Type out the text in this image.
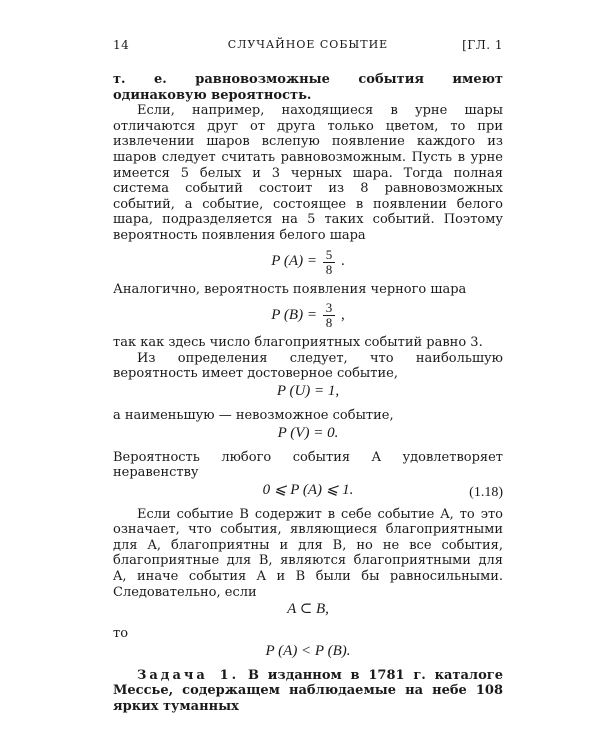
14	СЛУЧАЙНОЕ СОБЫТИЕ	[ГЛ. 1

т. е. равновозможные события имеют одинаковую вероятность.

Если, например, находящиеся в урне шары отличаются друг от друга только цветом, то при извлечении шаров вслепую появление каждого из шаров следует считать равновозможным. Пусть в урне имеется 5 белых и 3 черных шара. Тогда полная система событий состоит из 8 равновозможных событий, а событие, состоящее в появлении белого шара, подразделяется на 5 таких событий. Поэтому вероятность появления белого шара

P $(A) = \frac{5}{8}$ .

Аналогично, вероятность появления черного шара

P $(B) = \frac{3}{8}$ ,

так как здесь число благоприятных событий равно 3.

Из определения следует, что наибольшую вероятность имеет достоверное событие,

P (U) = 1,

а наименьшую — невозможное событие,

P (V) = 0.

Вероятность любого события A удовлетворяет неравенству

0 ⩽ P (A) ⩽ 1.	(1.18)

Если событие B содержит в себе событие A, то это означает, что события, являющиеся благоприятными для A, благоприятны и для B, но не все события, благоприятные для B, являются благоприятными для A, иначе события A и B были бы равносильными. Следовательно, если

A ⊂ B,

то

P (A) < P (B).

Задача 1. В изданном в 1781 г. каталоге Мессье, содержащем наблюдаемые на небе 108 ярких туманных
